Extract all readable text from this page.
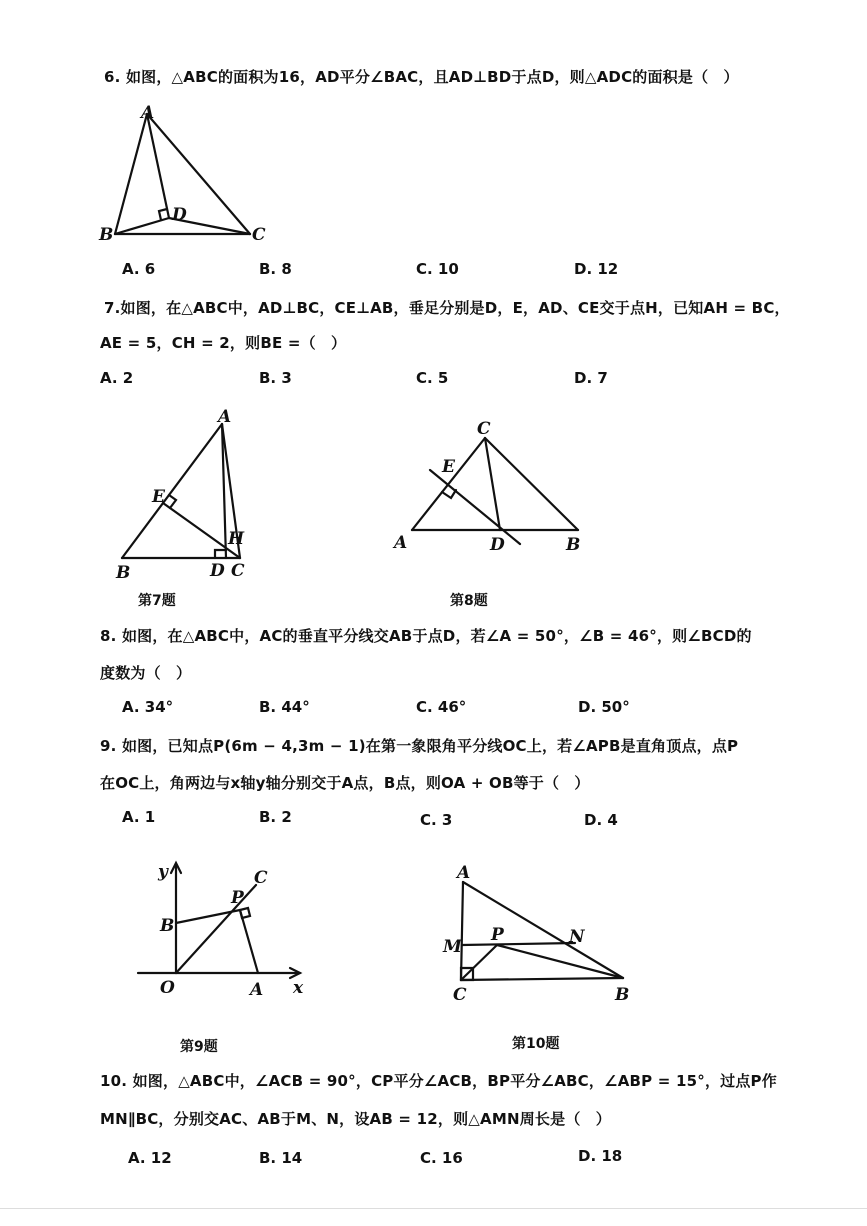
6. 如图，△ABC的面积为16，AD平分∠BAC，且AD⊥BD于点D，则△ADC的面积是（　）
A
B	C
D
A. 6	B. 8	C. 10	D. 12
7.如图，在△ABC中，AD⊥BC，CE⊥AB，垂足分别是D，E，AD、CE交于点H，已知AH = BC，
AE = 5，CH = 2，则BE =（　）
A. 2	B. 3	C. 5	D. 7
A
E
H
B	D C
C
E
A	D	B
第7题	第8题
8. 如图，在△ABC中，AC的垂直平分线交AB于点D，若∠A = 50°，∠B = 46°，则∠BCD的
度数为（　）
A. 34°	B. 44°	C. 46°	D. 50°
9. 如图，已知点P(6m − 4,3m − 1)在第一象限角平分线OC上，若∠APB是直角顶点，点P
在OC上，角两边与x轴y轴分别交于A点，B点，则OA + OB等于（　）
A. 1	B. 2	C. 3	D. 4
y	C
P
B
O	A x
A
M
P	N
C	B
第9题	第10题
10. 如图，△ABC中，∠ACB = 90°，CP平分∠ACB，BP平分∠ABC，∠ABP = 15°，过点P作
MN∥BC，分别交AC、AB于M、N，设AB = 12，则△AMN周长是（　）
A. 12	B. 14	C. 16	D. 18
